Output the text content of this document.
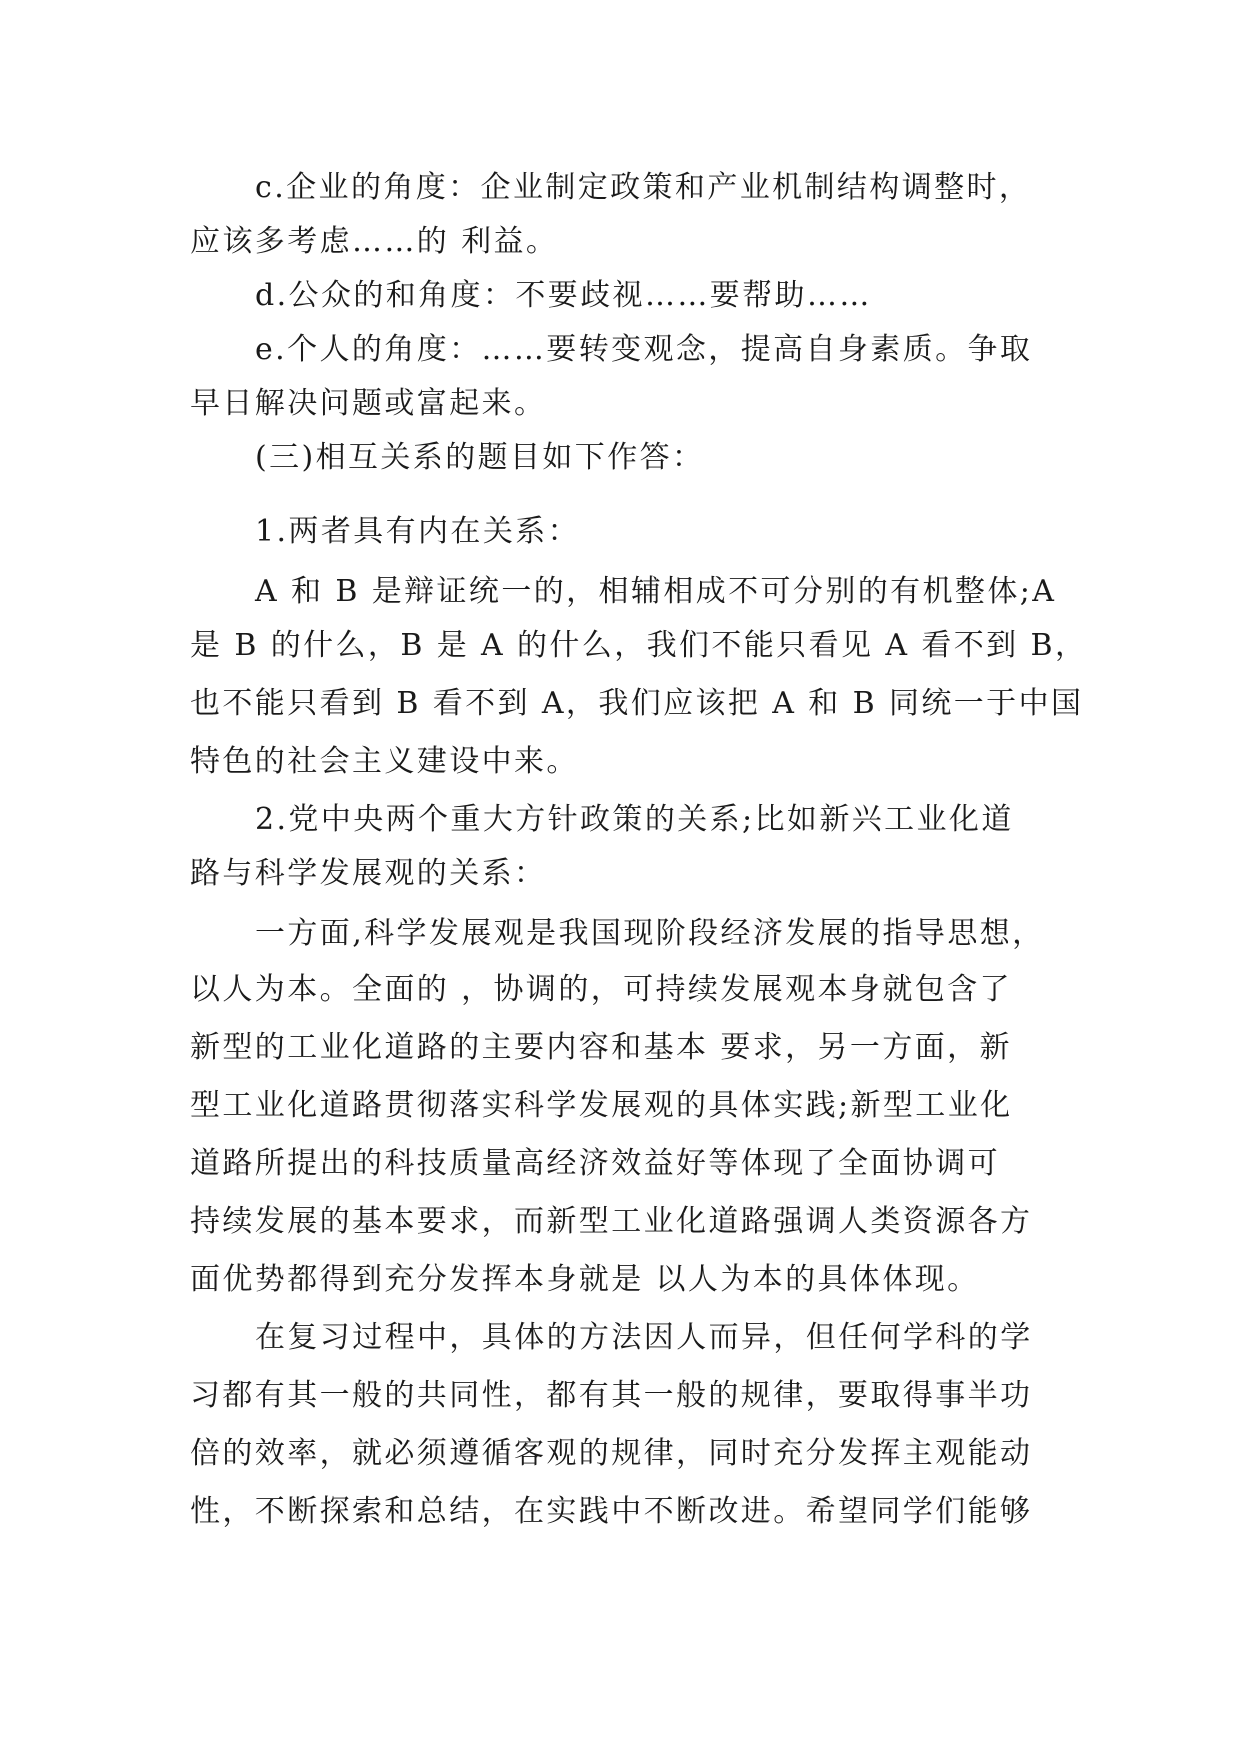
c.企业的角度：企业制定政策和产业机制结构调整时，
应该多考虑……的 利益。
d.公众的和角度：不要歧视……要帮助……
e.个人的角度：……要转变观念，提高自身素质。争取
早日解决问题或富起来。
(三)相互关系的题目如下作答：
1.两者具有内在关系：
A 和 B 是辩证统一的，相辅相成不可分别的有机整体;A
是 B 的什么，B 是 A 的什么，我们不能只看见 A 看不到 B，
也不能只看到 B 看不到 A，我们应该把 A 和 B 同统一于中国
特色的社会主义建设中来。
2.党中央两个重大方针政策的关系;比如新兴工业化道
路与科学发展观的关系：
一方面,科学发展观是我国现阶段经济发展的指导思想，
以人为本。全面的 ，协调的，可持续发展观本身就包含了
新型的工业化道路的主要内容和基本 要求，另一方面，新
型工业化道路贯彻落实科学发展观的具体实践;新型工业化
道路所提出的科技质量高经济效益好等体现了全面协调可
持续发展的基本要求，而新型工业化道路强调人类资源各方
面优势都得到充分发挥本身就是 以人为本的具体体现。
在复习过程中，具体的方法因人而异，但任何学科的学
习都有其一般的共同性，都有其一般的规律，要取得事半功
倍的效率，就必须遵循客观的规律，同时充分发挥主观能动
性，不断探索和总结，在实践中不断改进。希望同学们能够
